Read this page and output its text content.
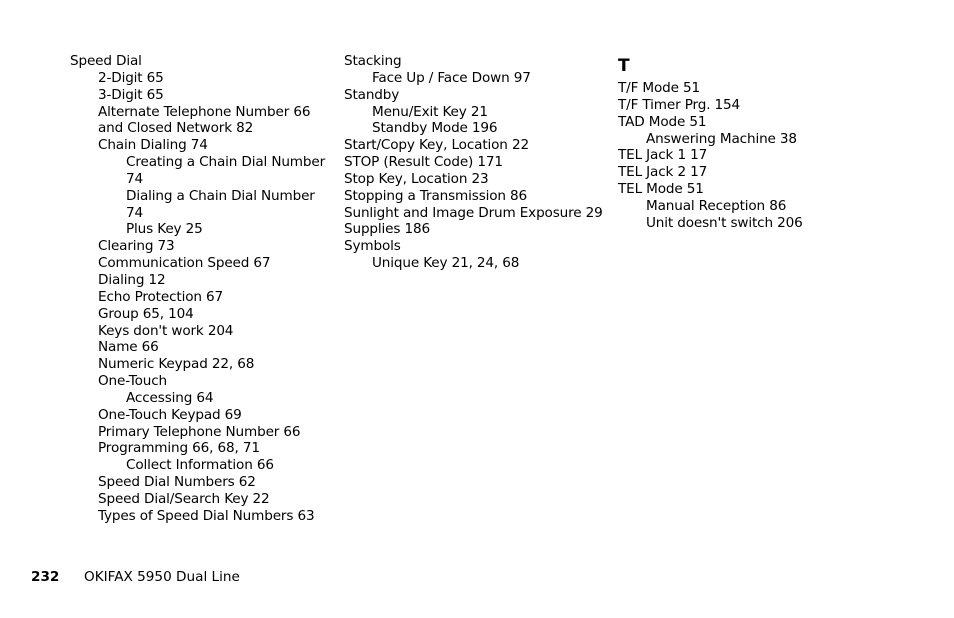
Speed Dial
2-Digit 65
3-Digit 65
Alternate Telephone Number 66
and Closed Network 82
Chain Dialing 74
Creating a Chain Dial Number
74
Dialing a Chain Dial Number
74
Plus Key 25
Clearing 73
Communication Speed 67
Dialing 12
Echo Protection 67
Group 65, 104
Keys don't work 204
Name 66
Numeric Keypad 22, 68
One-Touch
Accessing 64
One-Touch Keypad 69
Primary Telephone Number 66
Programming 66, 68, 71
Collect Information 66
Speed Dial Numbers 62
Speed Dial/Search Key 22
Types of Speed Dial Numbers 63
Stacking
Face Up / Face Down 97
Standby
Menu/Exit Key 21
Standby Mode 196
Start/Copy Key, Location 22
STOP (Result Code) 171
Stop Key, Location 23
Stopping a Transmission 86
Sunlight and Image Drum Exposure 29
Supplies 186
Symbols
Unique Key 21, 24, 68
T
T/F Mode 51
T/F Timer Prg. 154
TAD Mode 51
Answering Machine 38
TEL Jack 1 17
TEL Jack 2 17
TEL Mode 51
Manual Reception 86
Unit doesn't switch 206
232 OKIFAX 5950 Dual Line
